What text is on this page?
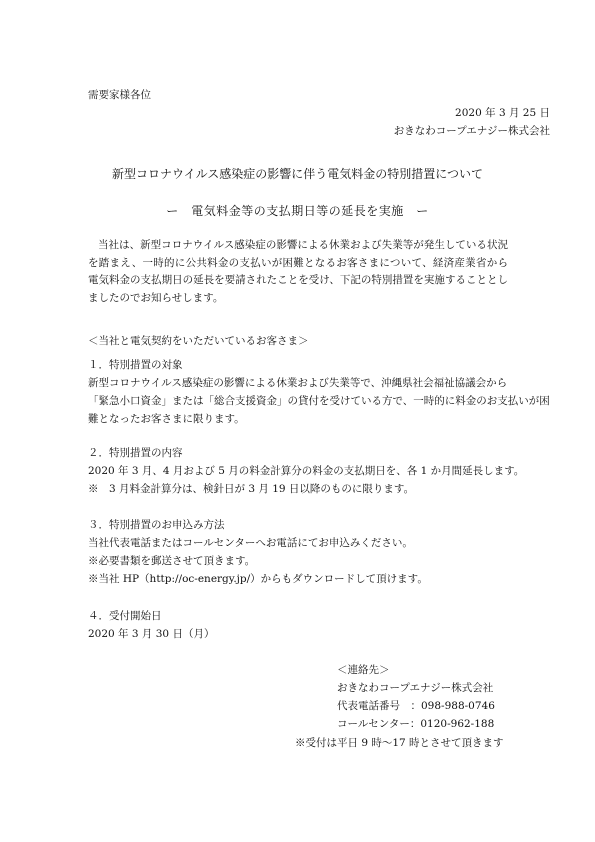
需要家様各位
2020 年 3 月 25 日
おきなわコープエナジー株式会社
新型コロナウイルス感染症の影響に伴う電気料金の特別措置について
ー　電気料金等の支払期日等の延長を実施　ー
当社は、新型コロナウイルス感染症の影響による休業および失業等が発生している状況を踏まえ、一時的に公共料金の支払いが困難となるお客さまについて、経済産業省から電気料金の支払期日の延長を要請されたことを受け、下記の特別措置を実施することとしましたのでお知らせします。
＜当社と電気契約をいただいているお客さま＞
１．特別措置の対象
新型コロナウイルス感染症の影響による休業および失業等で、沖縄県社会福祉協議会から
「緊急小口資金」または「総合支援資金」の貸付を受けている方で、一時的に料金のお支払いが困
難となったお客さまに限ります。
２．特別措置の内容
2020 年 3 月、4 月および 5 月の料金計算分の料金の支払期日を、各 1 か月間延長します。
※　3 月料金計算分は、検針日が 3 月 19 日以降のものに限ります。
３．特別措置のお申込み方法
当社代表電話またはコールセンターへお電話にてお申込みください。
※必要書類を郵送させて頂きます。
※当社 HP（http://oc-energy.jp/）からもダウンロードして頂けます。
４．受付開始日
2020 年 3 月 30 日（月）
＜連絡先＞
おきなわコープエナジー株式会社
代表電話番号　：098-988-0746
コールセンター：0120-962-188
※受付は平日 9 時～17 時とさせて頂きます
